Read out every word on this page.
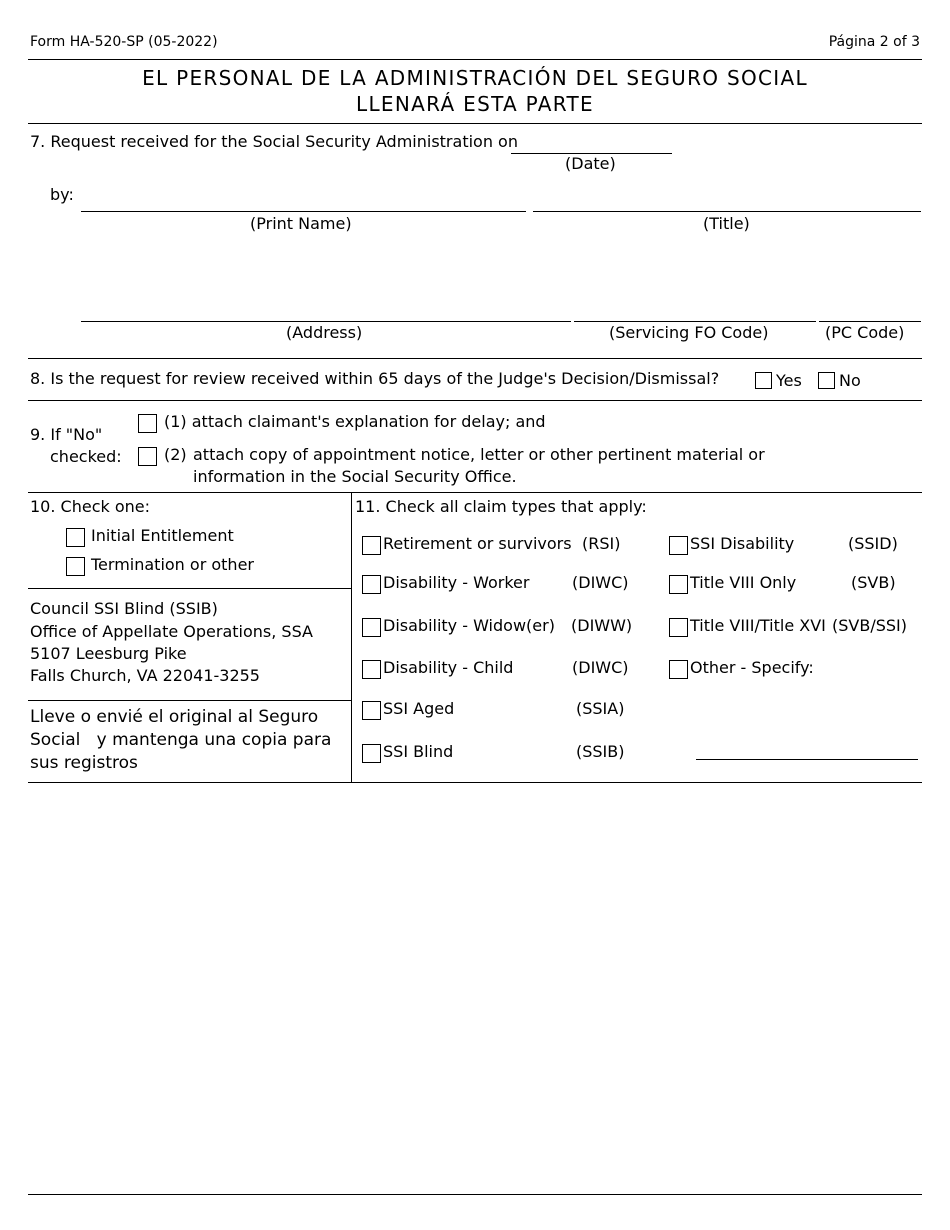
Form HA-520-SP (05-2022)	Página 2 of 3
EL PERSONAL DE LA ADMINISTRACIÓN DEL SEGURO SOCIAL
LLENARÁ ESTA PARTE
7. Request received for the Social Security Administration on
(Date)
by:
(Print Name)	(Title)
(Address)	(Servicing FO Code)	(PC Code)
8. Is the request for review received within 65 days of the Judge's Decision/Dismissal?	Yes No
9. If "No"
checked:
(1) attach claimant's explanation for delay; and
(2) attach copy of appointment notice, letter or other pertinent material or
information in the Social Security Office.
10. Check one:
Initial Entitlement
Termination or other
Council SSI Blind (SSIB)
Office of Appellate Operations, SSA
5107 Leesburg Pike
Falls Church, VA 22041-3255
Lleve o envié el original al Seguro
Social   y mantenga una copia para
sus registros
11. Check all claim types that apply:
Retirement or survivors (RSI)
Disability - Worker	(DIWC)
Disability - Widow(er) (DIWW)
Disability - Child	(DIWC)
SSI Aged	(SSIA)
SSI Blind	(SSIB)
SSI Disability	(SSID)
Title VIII Only	(SVB)
Title VIII/Title XVI (SVB/SSI)
Other - Specify:
